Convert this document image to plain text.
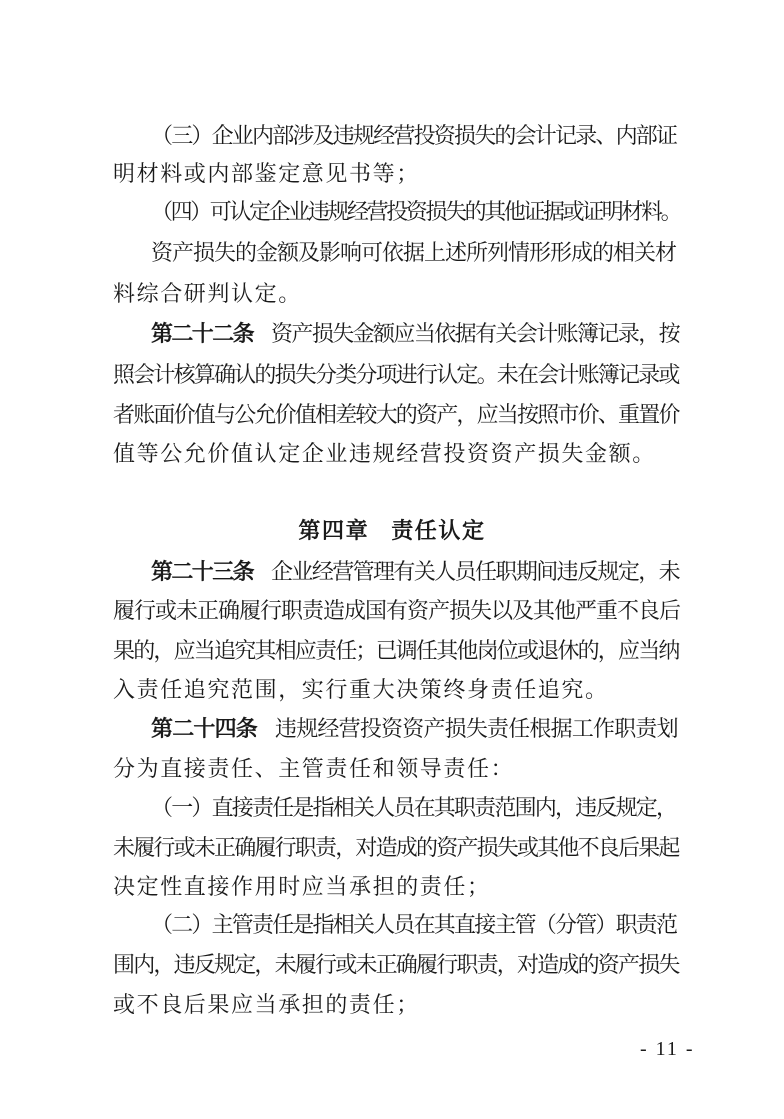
（三）企业内部涉及违规经营投资损失的会计记录、内部证
明材料或内部鉴定意见书等；
（四）可认定企业违规经营投资损失的其他证据或证明材料。
资产损失的金额及影响可依据上述所列情形形成的相关材
料综合研判认定。
第二十二条 资产损失金额应当依据有关会计账簿记录，按
照会计核算确认的损失分类分项进行认定。未在会计账簿记录或
者账面价值与公允价值相差较大的资产，应当按照市价、重置价
值等公允价值认定企业违规经营投资资产损失金额。
第四章 责任认定
第二十三条 企业经营管理有关人员任职期间违反规定，未
履行或未正确履行职责造成国有资产损失以及其他严重不良后
果的，应当追究其相应责任；已调任其他岗位或退休的，应当纳
入责任追究范围，实行重大决策终身责任追究。
第二十四条 违规经营投资资产损失责任根据工作职责划
分为直接责任、主管责任和领导责任：
（一）直接责任是指相关人员在其职责范围内，违反规定，
未履行或未正确履行职责，对造成的资产损失或其他不良后果起
决定性直接作用时应当承担的责任；
（二）主管责任是指相关人员在其直接主管（分管）职责范
围内，违反规定，未履行或未正确履行职责，对造成的资产损失
或不良后果应当承担的责任；
- 11 -
